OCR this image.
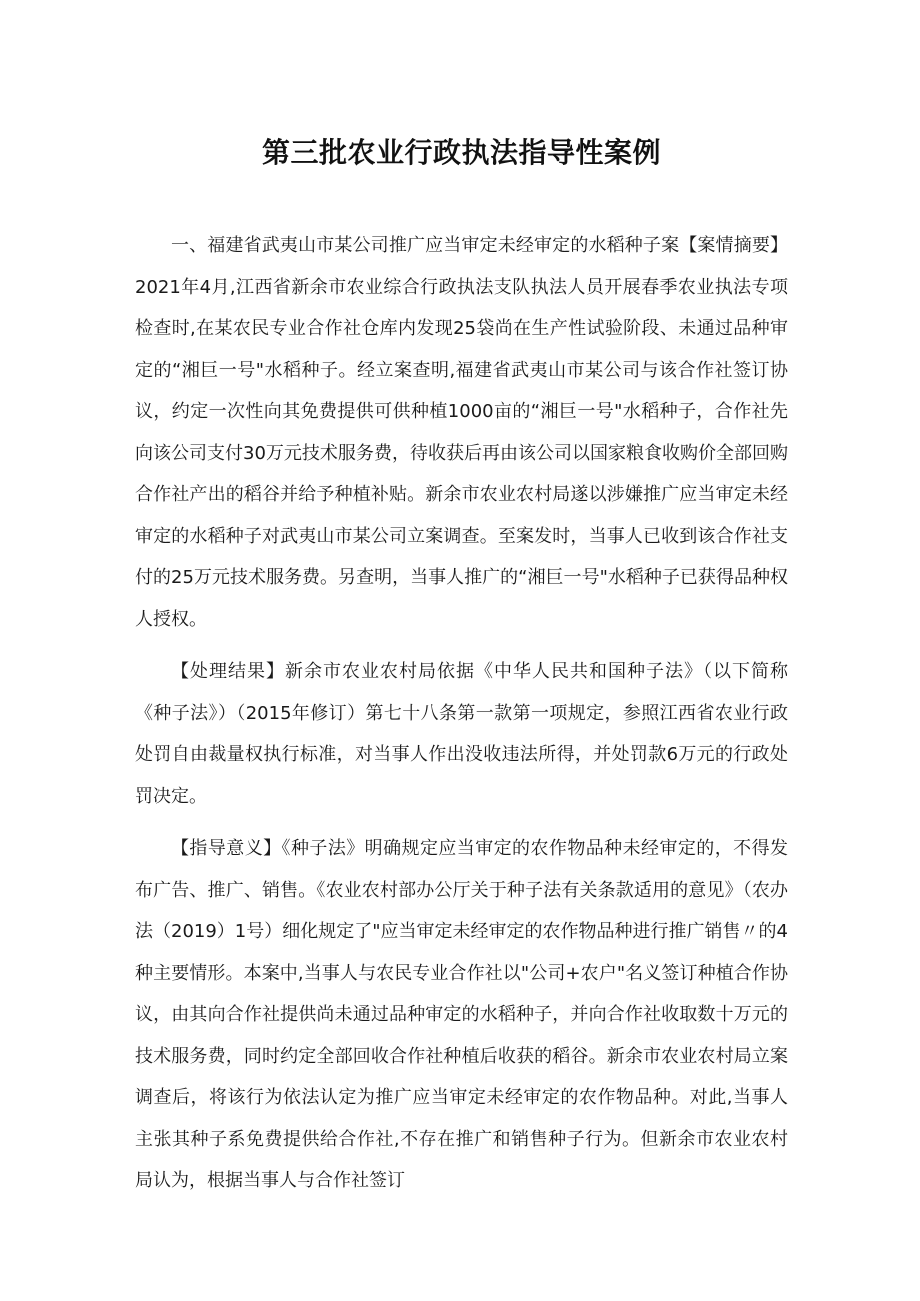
第三批农业行政执法指导性案例

一、福建省武夷山市某公司推广应当审定未经审定的水稻种子案【案情摘要】2021年4月,江西省新余市农业综合行政执法支队执法人员开展春季农业执法专项检查时,在某农民专业合作社仓库内发现25袋尚在生产性试验阶段、未通过品种审定的“湘巨一号"水稻种子。经立案查明,福建省武夷山市某公司与该合作社签订协议，约定一次性向其免费提供可供种植1000亩的“湘巨一号"水稻种子，合作社先向该公司支付30万元技术服务费，待收获后再由该公司以国家粮食收购价全部回购合作社产出的稻谷并给予种植补贴。新余市农业农村局遂以涉嫌推广应当审定未经审定的水稻种子对武夷山市某公司立案调查。至案发时，当事人已收到该合作社支付的25万元技术服务费。另查明，当事人推广的“湘巨一号"水稻种子已获得品种权人授权。

【处理结果】新余市农业农村局依据《中华人民共和国种子法》（以下简称《种子法》）（2015年修订）第七十八条第一款第一项规定，参照江西省农业行政处罚自由裁量权执行标准，对当事人作出没收违法所得，并处罚款6万元的行政处罚决定。

【指导意义】《种子法》明确规定应当审定的农作物品种未经审定的，不得发布广告、推广、销售。《农业农村部办公厅关于种子法有关条款适用的意见》（农办法（2019）1号）细化规定了"应当审定未经审定的农作物品种进行推广销售〃的4种主要情形。本案中,当事人与农民专业合作社以"公司+农户"名义签订种植合作协议，由其向合作社提供尚未通过品种审定的水稻种子，并向合作社收取数十万元的技术服务费，同时约定全部回收合作社种植后收获的稻谷。新余市农业农村局立案调查后，将该行为依法认定为推广应当审定未经审定的农作物品种。对此,当事人主张其种子系免费提供给合作社,不存在推广和销售种子行为。但新余市农业农村局认为，根据当事人与合作社签订
